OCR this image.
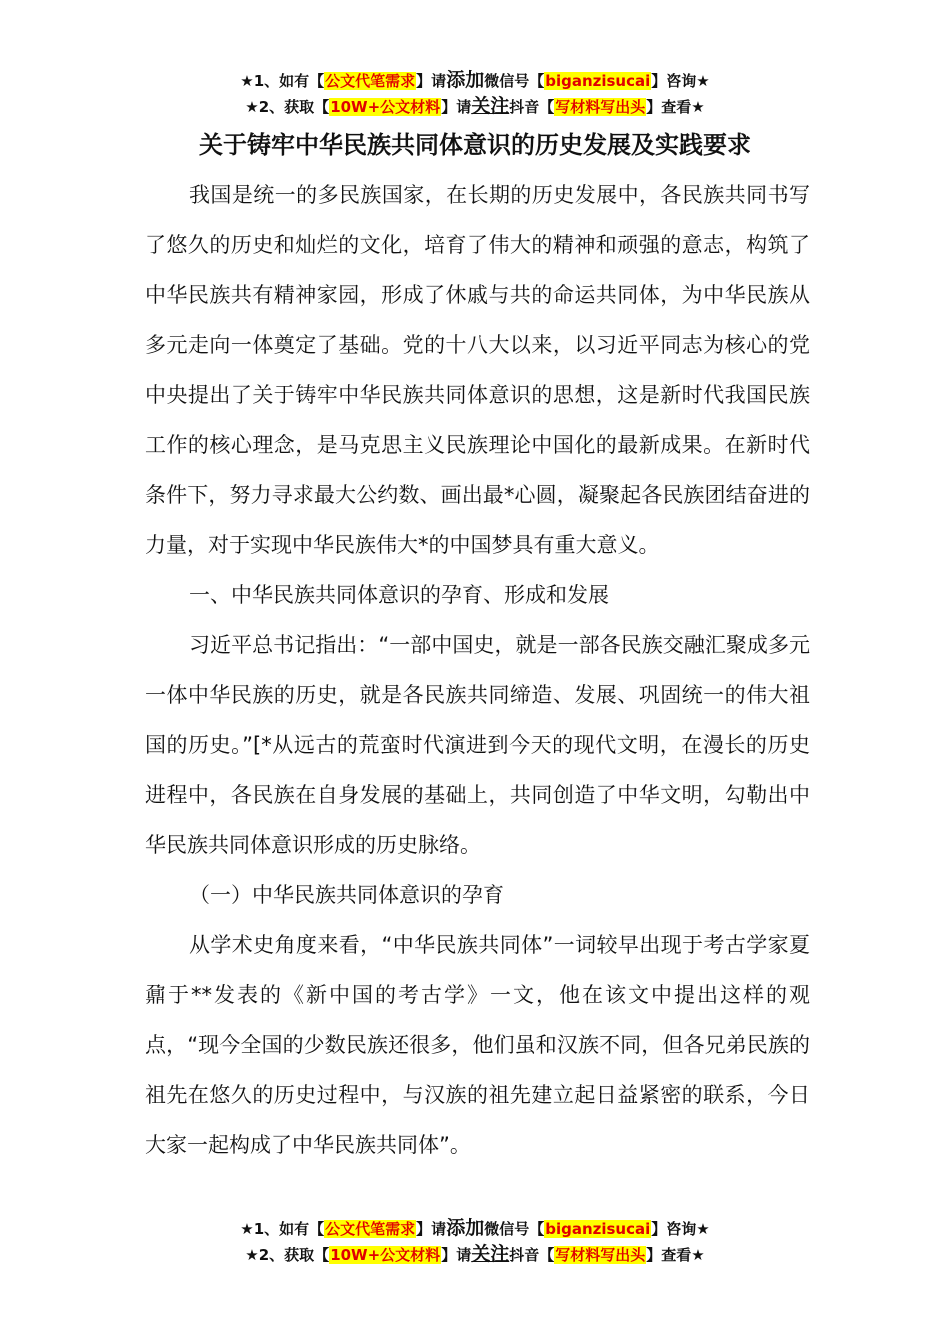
★1、如有【公文代笔需求】请添加微信号【biganzisucai】咨询★
★2、获取【10W+公文材料】请关注抖音【写材料写出头】查看★
关于铸牢中华民族共同体意识的历史发展及实践要求

我国是统一的多民族国家，在长期的历史发展中，各民族共同书写了悠久的历史和灿烂的文化，培育了伟大的精神和顽强的意志，构筑了中华民族共有精神家园，形成了休戚与共的命运共同体，为中华民族从多元走向一体奠定了基础。党的十八大以来，以习近平同志为核心的党中央提出了关于铸牢中华民族共同体意识的思想，这是新时代我国民族工作的核心理念，是马克思主义民族理论中国化的最新成果。在新时代条件下，努力寻求最大公约数、画出最*心圆，凝聚起各民族团结奋进的力量，对于实现中华民族伟大*的中国梦具有重大意义。

一、中华民族共同体意识的孕育、形成和发展

习近平总书记指出：“一部中国史，就是一部各民族交融汇聚成多元一体中华民族的历史，就是各民族共同缔造、发展、巩固统一的伟大祖国的历史。”[*从远古的荒蛮时代演进到今天的现代文明，在漫长的历史进程中，各民族在自身发展的基础上，共同创造了中华文明，勾勒出中华民族共同体意识形成的历史脉络。

（一）中华民族共同体意识的孕育

从学术史角度来看，“中华民族共同体”一词较早出现于考古学家夏鼐于**发表的《新中国的考古学》一文，他在该文中提出这样的观点，“现今全国的少数民族还很多，他们虽和汉族不同，但各兄弟民族的祖先在悠久的历史过程中，与汉族的祖先建立起日益紧密的联系，今日大家一起构成了中华民族共同体”。

★1、如有【公文代笔需求】请添加微信号【biganzisucai】咨询★
★2、获取【10W+公文材料】请关注抖音【写材料写出头】查看★
